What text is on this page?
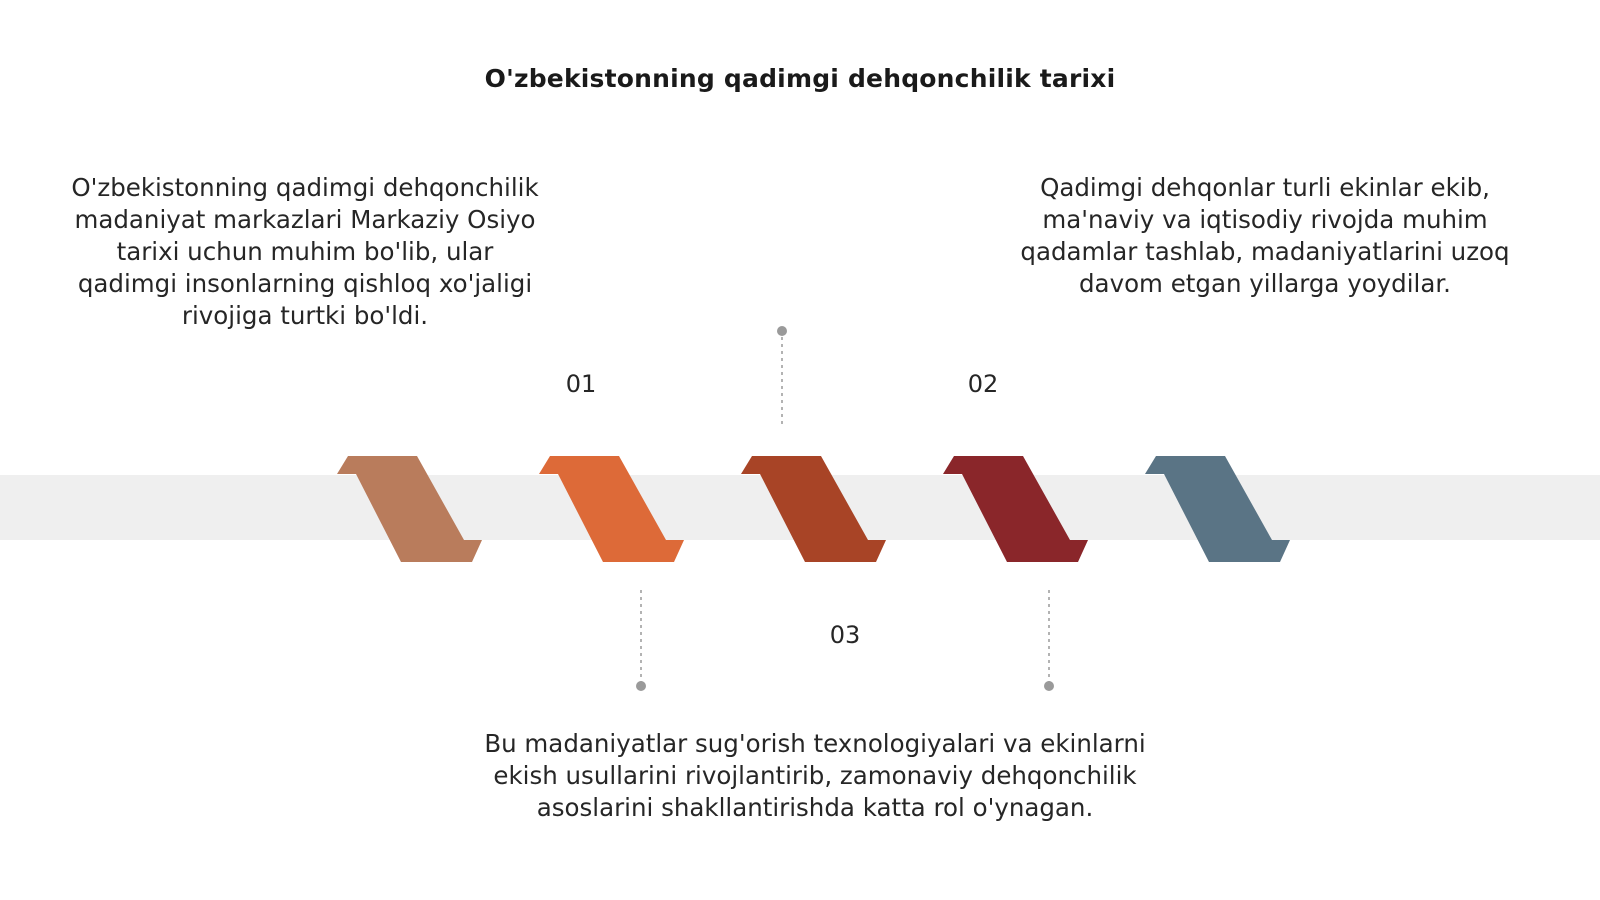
O'zbekistonning qadimgi dehqonchilik tarixi
O'zbekistonning qadimgi dehqonchilik madaniyat markazlari Markaziy Osiyo tarixi uchun muhim bo'lib, ular qadimgi insonlarning qishloq xo'jaligi rivojiga turtki bo'ldi.
Qadimgi dehqonlar turli ekinlar ekib, ma'naviy va iqtisodiy rivojda muhim qadamlar tashlab, madaniyatlarini uzoq davom etgan yillarga yoydilar.
Bu madaniyatlar sug'orish texnologiyalari va ekinlarni ekish usullarini rivojlantirib, zamonaviy dehqonchilik asoslarini shakllantirishda katta rol o'ynagan.
01	02
03
